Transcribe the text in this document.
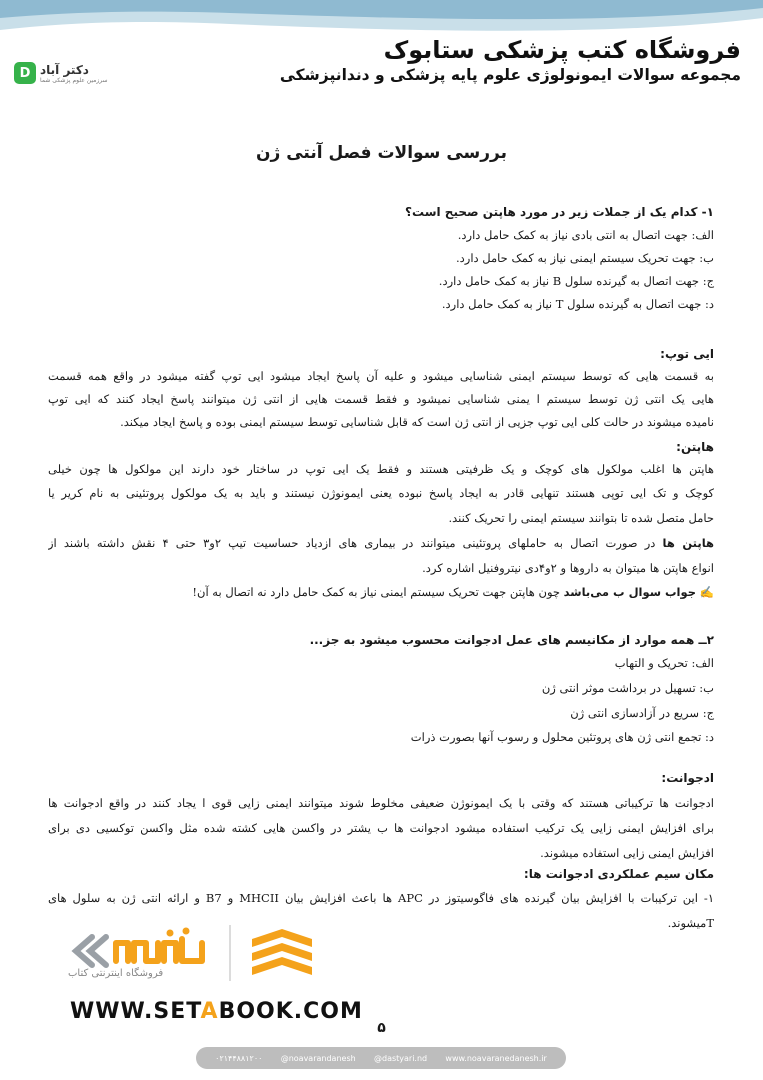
فروشگاه کتب پزشکی ستابوک
مجموعه سوالات ایمونولوژی علوم پایه پزشکی و دندانپزشکی
D دکتر آباد
سرزمین علوم پزشکی شما
بررسی سوالات فصل آنتی ژن
۱- کدام یک از جملات زیر در مورد هاپتن صحیح است؟
الف: جهت اتصال به انتی بادی نیاز به کمک حامل دارد.
ب: جهت تحریک سیستم ایمنی نیاز به کمک حامل دارد.
ج: جهت اتصال به گیرنده سلول B نیاز به کمک حامل دارد.
د: جهت اتصال به گیرنده سلول T نیاز به کمک حامل دارد.
ایی توپ:
به قسمت هایی که توسط سیستم ایمنی شناسایی میشود و علیه آن پاسخ ایجاد میشود ایی توپ گفته میشود در واقع همه قسمت
هایی یک انتی ژن توسط سیستم ا یمنی شناسایی نمیشود و فقط قسمت هایی از انتی ژن میتوانند پاسخ ایجاد کنند که ایی توپ
نامیده میشوند در حالت کلی ایی توپ جزیی از انتی ژن است که قابل شناسایی توسط سیستم ایمنی بوده و پاسخ ایجاد میکند.
هاپتن:
هاپتن ها اغلب مولکول های کوچک و یک ظرفیتی هستند و فقط یک ایی توپ در ساختار خود دارند این مولکول ها چون خیلی
کوچک و تک ایی توپی هستند تنهایی قادر به ایجاد پاسخ نبوده یعنی ایمونوژن نیستند و باید به یک مولکول پروتئینی به نام کریر یا
حامل متصل شده تا بتوانند سیستم ایمنی را تحریک کنند.
هاپتن ها در صورت اتصال به حاملهای پروتئینی میتوانند در بیماری های ازدیاد حساسیت تیپ ۲و۳ حتی ۴ نقش داشته باشند از
انواع هاپتن ها میتوان به داروها و ۲و۴دی نیتروفنیل اشاره کرد.
✍ جواب سوال ب می‌باشد چون هاپتن جهت تحریک سیستم ایمنی نیاز به کمک حامل دارد نه اتصال به آن!
۲ــ همه موارد از مکانیسم های عمل ادجوانت محسوب میشود به جز...
الف: تحریک و التهاب
ب: تسهیل در برداشت موثر انتی ژن
ج: سریع در آزادسازی انتی ژن
د: تجمع انتی ژن های پروتئین محلول و رسوب آنها بصورت ذرات
ادجوانت:
ادجوانت ها ترکیباتی هستند که وقتی با یک ایمونوژن ضعیفی مخلوط شوند میتوانند ایمنی زایی قوی ا یجاد کنند در واقع ادجوانت ها
برای افزایش ایمنی زایی یک ترکیب استفاده میشود ادجوانت ها ب یشتر در واکسن هایی کشته شده مثل واکسن توکسیی دی برای
افزایش ایمنی زایی استفاده میشوند.
مکان سیم عملکردی ادجوانت ها:
۱- این ترکیبات با افزایش بیان گیرنده های فاگوسیتوز در APC ها باعث افزایش بیان MHCII و B7 و ارائه انتی ژن به سلول های
Tمیشوند.
فروشگاه اینترنتی کتاب
WWW.SETABOOK.COM
۵
۰۲۱۴۴۸۸۱۲۰۰ @noavarandanesh @dastyari.nd www.noavaranedanesh.ir
